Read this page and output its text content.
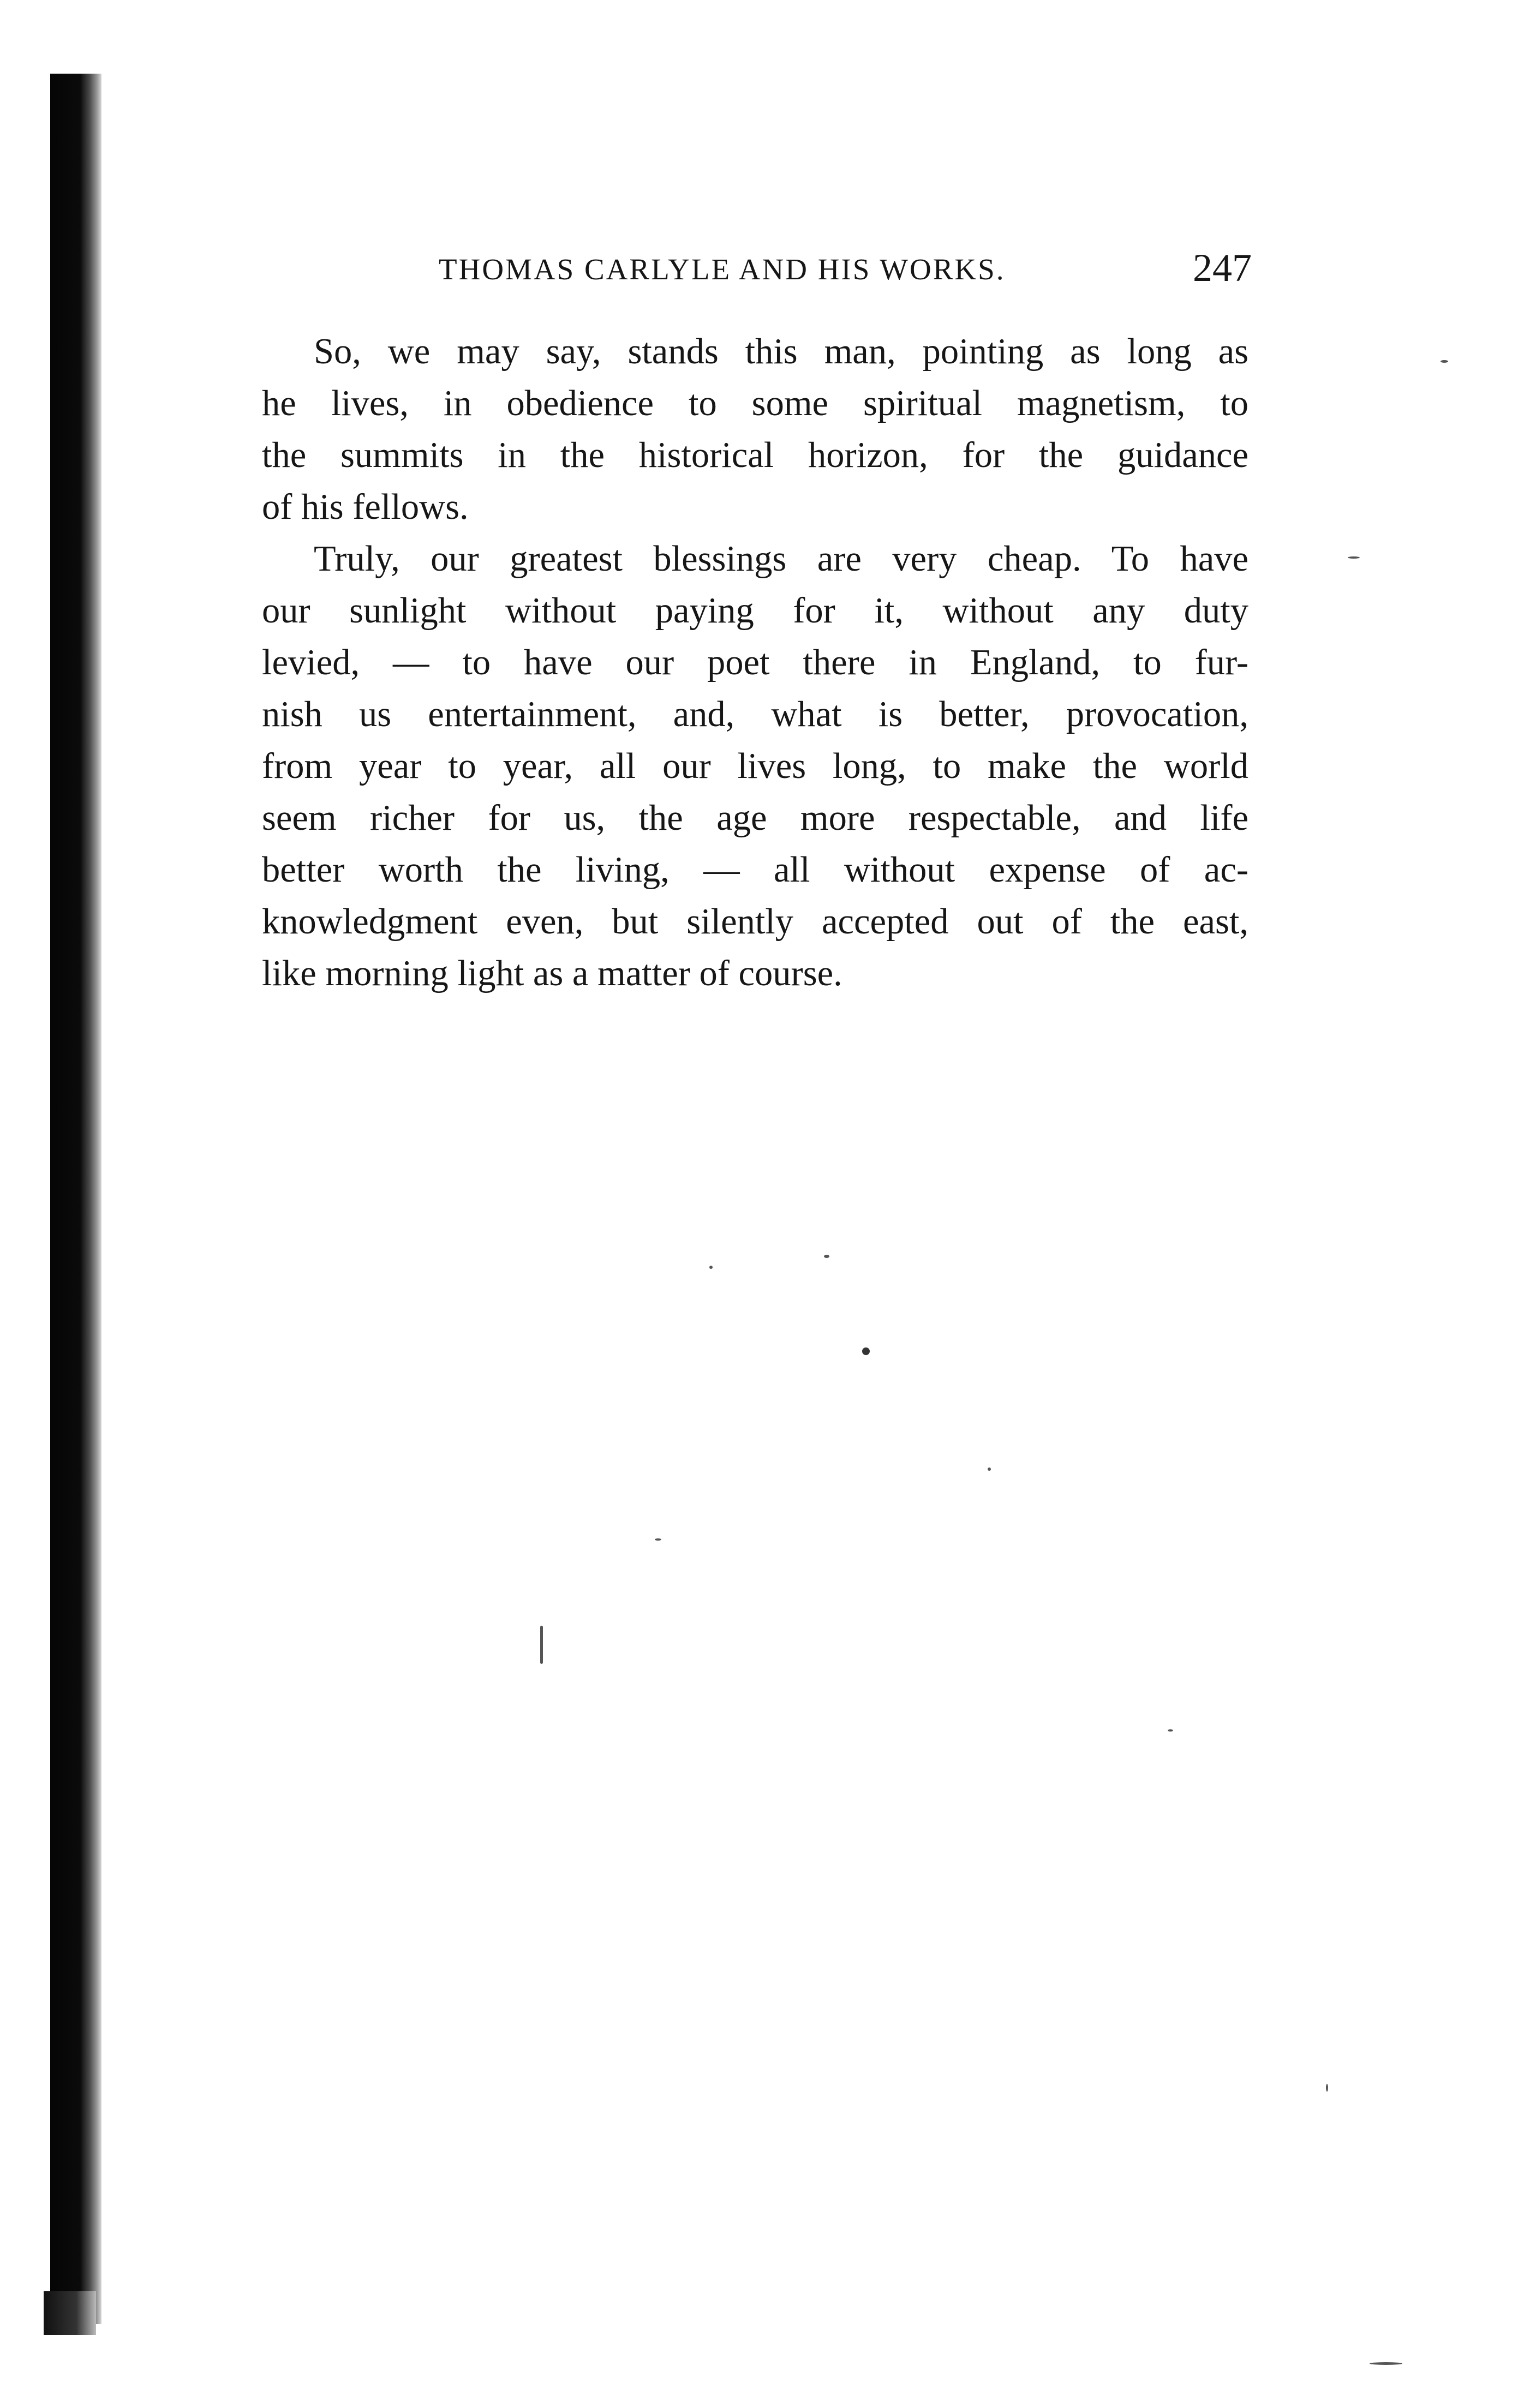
THOMAS CARLYLE AND HIS WORKS.	247
So, we may say, stands this man, pointing as long as
he lives, in obedience to some spiritual magnetism, to
the summits in the historical horizon, for the guidance
of his fellows.
Truly, our greatest blessings are very cheap. To have
our sunlight without paying for it, without any duty
levied, — to have our poet there in England, to fur-
nish us entertainment, and, what is better, provocation,
from year to year, all our lives long, to make the world
seem richer for us, the age more respectable, and life
better worth the living, — all without expense of ac-
knowledgment even, but silently accepted out of the east,
like morning light as a matter of course.
